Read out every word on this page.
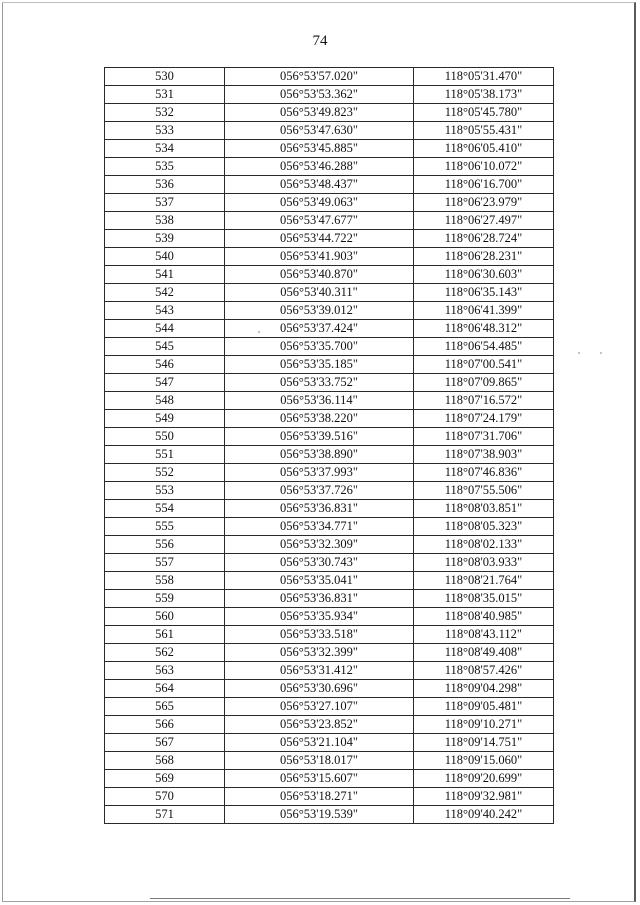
74
530	056°53'57.020"	118°05'31.470"
531	056°53'53.362"	118°05'38.173"
532	056°53'49.823"	118°05'45.780"
533	056°53'47.630"	118°05'55.431"
534	056°53'45.885"	118°06'05.410"
535	056°53'46.288"	118°06'10.072"
536	056°53'48.437"	118°06'16.700"
537	056°53'49.063"	118°06'23.979"
538	056°53'47.677"	118°06'27.497"
539	056°53'44.722"	118°06'28.724"
540	056°53'41.903"	118°06'28.231"
541	056°53'40.870"	118°06'30.603"
542	056°53'40.311"	118°06'35.143"
543	056°53'39.012"	118°06'41.399"
544	056°53'37.424"	118°06'48.312"
545	056°53'35.700"	118°06'54.485"
546	056°53'35.185"	118°07'00.541"
547	056°53'33.752"	118°07'09.865"
548	056°53'36.114"	118°07'16.572"
549	056°53'38.220"	118°07'24.179"
550	056°53'39.516"	118°07'31.706"
551	056°53'38.890"	118°07'38.903"
552	056°53'37.993"	118°07'46.836"
553	056°53'37.726"	118°07'55.506"
554	056°53'36.831"	118°08'03.851"
555	056°53'34.771"	118°08'05.323"
556	056°53'32.309"	118°08'02.133"
557	056°53'30.743"	118°08'03.933"
558	056°53'35.041"	118°08'21.764"
559	056°53'36.831"	118°08'35.015"
560	056°53'35.934"	118°08'40.985"
561	056°53'33.518"	118°08'43.112"
562	056°53'32.399"	118°08'49.408"
563	056°53'31.412"	118°08'57.426"
564	056°53'30.696"	118°09'04.298"
565	056°53'27.107"	118°09'05.481"
566	056°53'23.852"	118°09'10.271"
567	056°53'21.104"	118°09'14.751"
568	056°53'18.017"	118°09'15.060"
569	056°53'15.607"	118°09'20.699"
570	056°53'18.271"	118°09'32.981"
571	056°53'19.539"	118°09'40.242"
